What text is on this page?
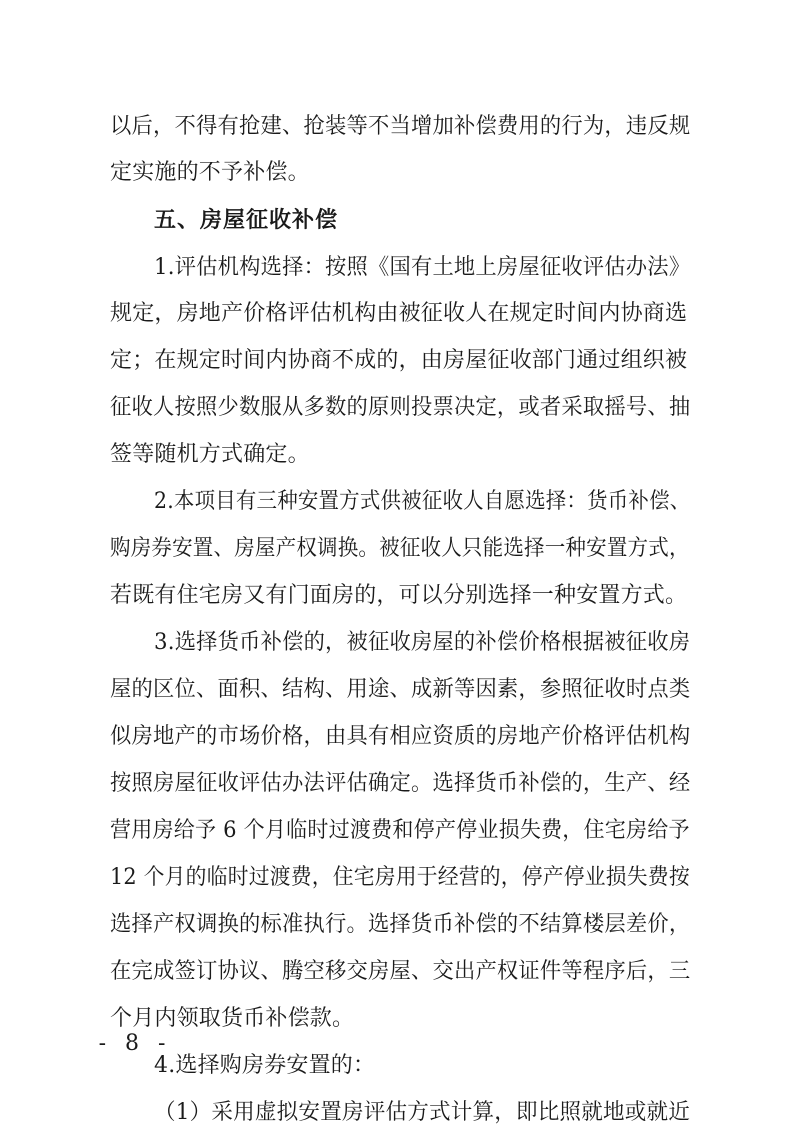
以后，不得有抢建、抢装等不当增加补偿费用的行为，违反规
定实施的不予补偿。
五、房屋征收补偿
1.评估机构选择：按照《国有土地上房屋征收评估办法》
规定，房地产价格评估机构由被征收人在规定时间内协商选
定；在规定时间内协商不成的，由房屋征收部门通过组织被
征收人按照少数服从多数的原则投票决定，或者采取摇号、抽
签等随机方式确定。
2.本项目有三种安置方式供被征收人自愿选择：货币补偿、
购房券安置、房屋产权调换。被征收人只能选择一种安置方式，
若既有住宅房又有门面房的，可以分别选择一种安置方式。
3.选择货币补偿的，被征收房屋的补偿价格根据被征收房
屋的区位、面积、结构、用途、成新等因素，参照征收时点类
似房地产的市场价格，由具有相应资质的房地产价格评估机构
按照房屋征收评估办法评估确定。选择货币补偿的，生产、经
营用房给予 6 个月临时过渡费和停产停业损失费，住宅房给予
12 个月的临时过渡费，住宅房用于经营的，停产停业损失费按
选择产权调换的标准执行。选择货币补偿的不结算楼层差价，
在完成签订协议、腾空移交房屋、交出产权证件等程序后，三
个月内领取货币补偿款。
4.选择购房券安置的：
（1）采用虚拟安置房评估方式计算，即比照就地或就近
- 8 -
